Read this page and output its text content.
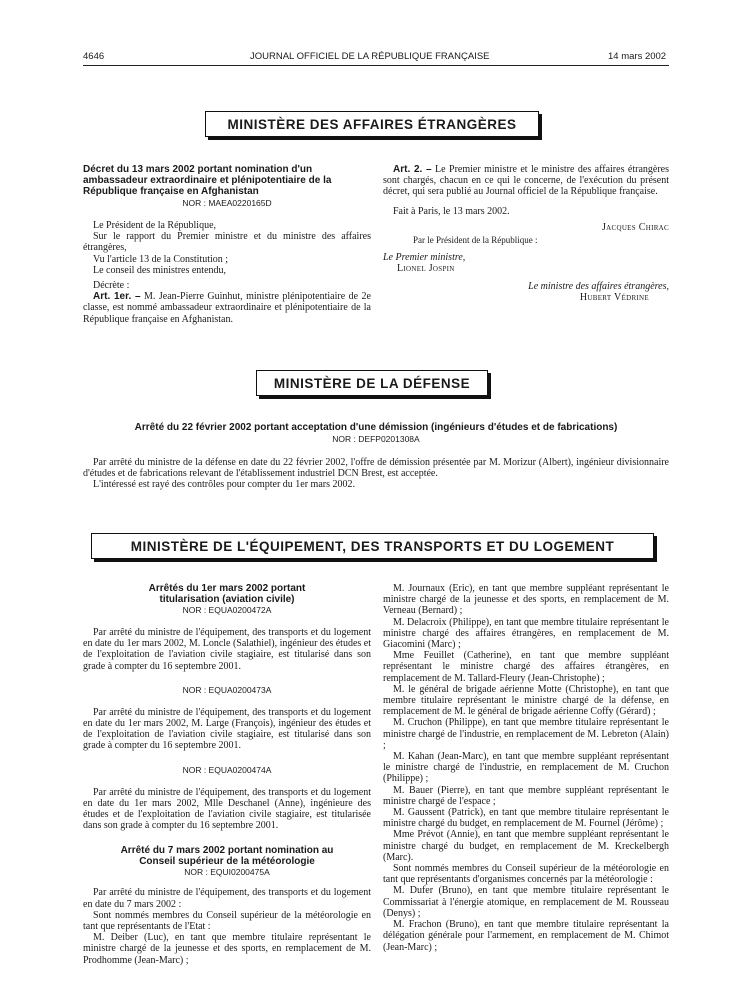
4646	JOURNAL OFFICIEL DE LA RÉPUBLIQUE FRANÇAISE	14 mars 2002
MINISTÈRE DES AFFAIRES ÉTRANGÈRES
Décret du 13 mars 2002 portant nomination d'un ambassadeur extraordinaire et plénipotentiaire de la République française en Afghanistan
NOR : MAEA0220165D

Le Président de la République,

Sur le rapport du Premier ministre et du ministre des affaires étrangères,

Vu l'article 13 de la Constitution ;

Le conseil des ministres entendu,

Décrète :

Art. 1er. – M. Jean-Pierre Guinhut, ministre plénipotentiaire de 2e classe, est nommé ambassadeur extraordinaire et plénipotentiaire de la République française en Afghanistan.

Art. 2. – Le Premier ministre et le ministre des affaires étrangères sont chargés, chacun en ce qui le concerne, de l'exécution du présent décret, qui sera publié au Journal officiel de la République française.

Fait à Paris, le 13 mars 2002.

Jacques Chirac

Par le Président de la République :

Le Premier ministre,

Lionel Jospin

Le ministre des affaires étrangères,

Hubert Védrine

MINISTÈRE DE LA DÉFENSE
Arrêté du 22 février 2002 portant acceptation d'une démission (ingénieurs d'études et de fabrications)
NOR : DEFP0201308A

Par arrêté du ministre de la défense en date du 22 février 2002, l'offre de démission présentée par M. Morizur (Albert), ingénieur divisionnaire d'études et de fabrications relevant de l'établissement industriel DCN Brest, est acceptée.

L'intéressé est rayé des contrôles pour compter du 1er mars 2002.

MINISTÈRE DE L'ÉQUIPEMENT, DES TRANSPORTS ET DU LOGEMENT
Arrêtés du 1er mars 2002 portant titularisation (aviation civile)
NOR : EQUA0200472A

Par arrêté du ministre de l'équipement, des transports et du logement en date du 1er mars 2002, M. Loncle (Salathiel), ingénieur des études et de l'exploitation de l'aviation civile stagiaire, est titularisé dans son grade à compter du 16 septembre 2001.

NOR : EQUA0200473A

Par arrêté du ministre de l'équipement, des transports et du logement en date du 1er mars 2002, M. Large (François), ingénieur des études et de l'exploitation de l'aviation civile stagiaire, est titularisé dans son grade à compter du 16 septembre 2001.

NOR : EQUA0200474A

Par arrêté du ministre de l'équipement, des transports et du logement en date du 1er mars 2002, Mlle Deschanel (Anne), ingénieure des études et de l'exploitation de l'aviation civile stagiaire, est titularisée dans son grade à compter du 16 septembre 2001.

Arrêté du 7 mars 2002 portant nomination au Conseil supérieur de la météorologie
NOR : EQUI0200475A

Par arrêté du ministre de l'équipement, des transports et du logement en date du 7 mars 2002 :

Sont nommés membres du Conseil supérieur de la météorologie en tant que représentants de l'Etat :

M. Deiber (Luc), en tant que membre titulaire représentant le ministre chargé de la jeunesse et des sports, en remplacement de M. Prodhomme (Jean-Marc) ;

M. Journaux (Eric), en tant que membre suppléant représentant le ministre chargé de la jeunesse et des sports, en remplacement de M. Verneau (Bernard) ;

M. Delacroix (Philippe), en tant que membre titulaire représentant le ministre chargé des affaires étrangères, en remplacement de M. Giacomini (Marc) ;

Mme Feuillet (Catherine), en tant que membre suppléant représentant le ministre chargé des affaires étrangères, en remplacement de M. Tallard-Fleury (Jean-Christophe) ;

M. le général de brigade aérienne Motte (Christophe), en tant que membre titulaire représentant le ministre chargé de la défense, en remplacement de M. le général de brigade aérienne Coffy (Gérard) ;

M. Cruchon (Philippe), en tant que membre titulaire représentant le ministre chargé de l'industrie, en remplacement de M. Lebreton (Alain) ;

M. Kahan (Jean-Marc), en tant que membre suppléant représentant le ministre chargé de l'industrie, en remplacement de M. Cruchon (Philippe) ;

M. Bauer (Pierre), en tant que membre suppléant représentant le ministre chargé de l'espace ;

M. Gaussent (Patrick), en tant que membre titulaire représentant le ministre chargé du budget, en remplacement de M. Fournel (Jérôme) ;

Mme Prévot (Annie), en tant que membre suppléant représentant le ministre chargé du budget, en remplacement de M. Kreckelbergh (Marc).

Sont nommés membres du Conseil supérieur de la météorologie en tant que représentants d'organismes concernés par la météorologie :

M. Dufer (Bruno), en tant que membre titulaire représentant le Commissariat à l'énergie atomique, en remplacement de M. Rousseau (Denys) ;

M. Frachon (Bruno), en tant que membre titulaire représentant la délégation générale pour l'armement, en remplacement de M. Chimot (Jean-Marc) ;
